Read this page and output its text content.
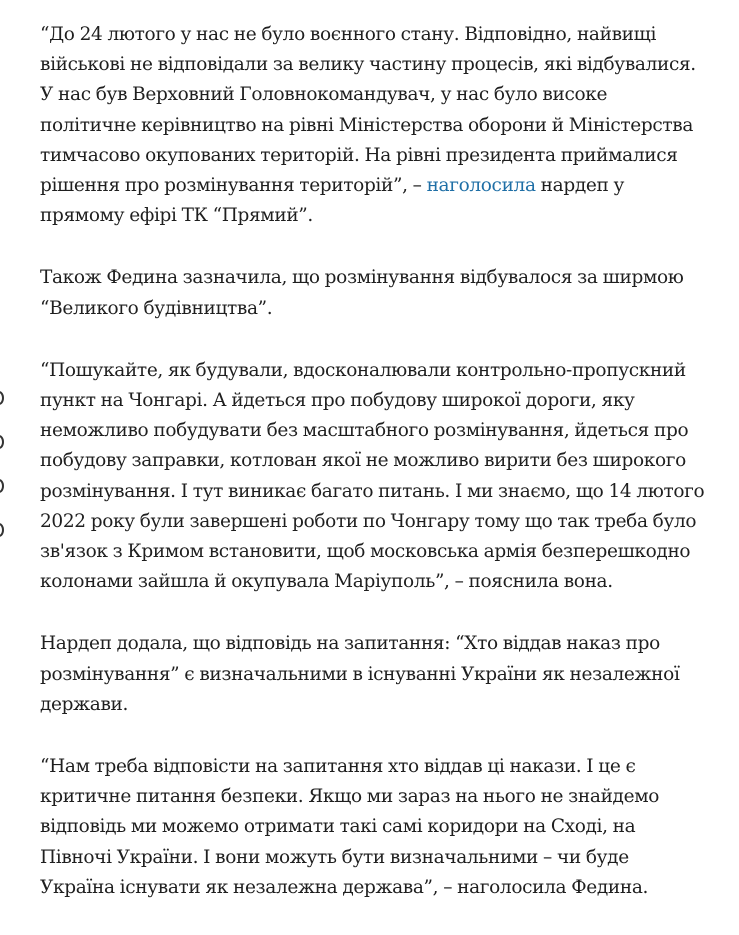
“До 24 лютого у нас не було воєнного стану. Відповідно, найвищі військові не відповідали за велику частину процесів, які відбувалися. У нас був Верховний Головнокомандувач, у нас було високе політичне керівництво на рівні Міністерства оборони й Міністерства тимчасово окупованих територій. На рівні президента приймалися рішення про розмінування територій”, – наголосила нардеп у прямому ефірі ТК “Прямий”.

Також Федина зазначила, що розмінування відбувалося за ширмою “Великого будівництва”.

“Пошукайте, як будували, вдосконалювали контрольно-пропускний пункт на Чонгарі. А йдеться про побудову широкої дороги, яку неможливо побудувати без масштабного розмінування, йдеться про побудову заправки, котлован якої не можливо вирити без широкого розмінування. І тут виникає багато питань. І ми знаємо, що 14 лютого 2022 року були завершені роботи по Чонгару тому що так треба було зв'язок з Кримом встановити, щоб московська армія безперешкодно колонами зайшла й окупувала Маріуполь”, – пояснила вона.

Нардеп додала, що відповідь на запитання: “Хто віддав наказ про розмінування” є визначальними в існуванні України як незалежної держави.

“Нам треба відповісти на запитання хто віддав ці накази. І це є критичне питання безпеки. Якщо ми зараз на нього не знайдемо відповідь ми можемо отримати такі самі коридори на Сході, на Півночі України. І вони можуть бути визначальними – чи буде Україна існувати як незалежна держава”, – наголосила Федина.
